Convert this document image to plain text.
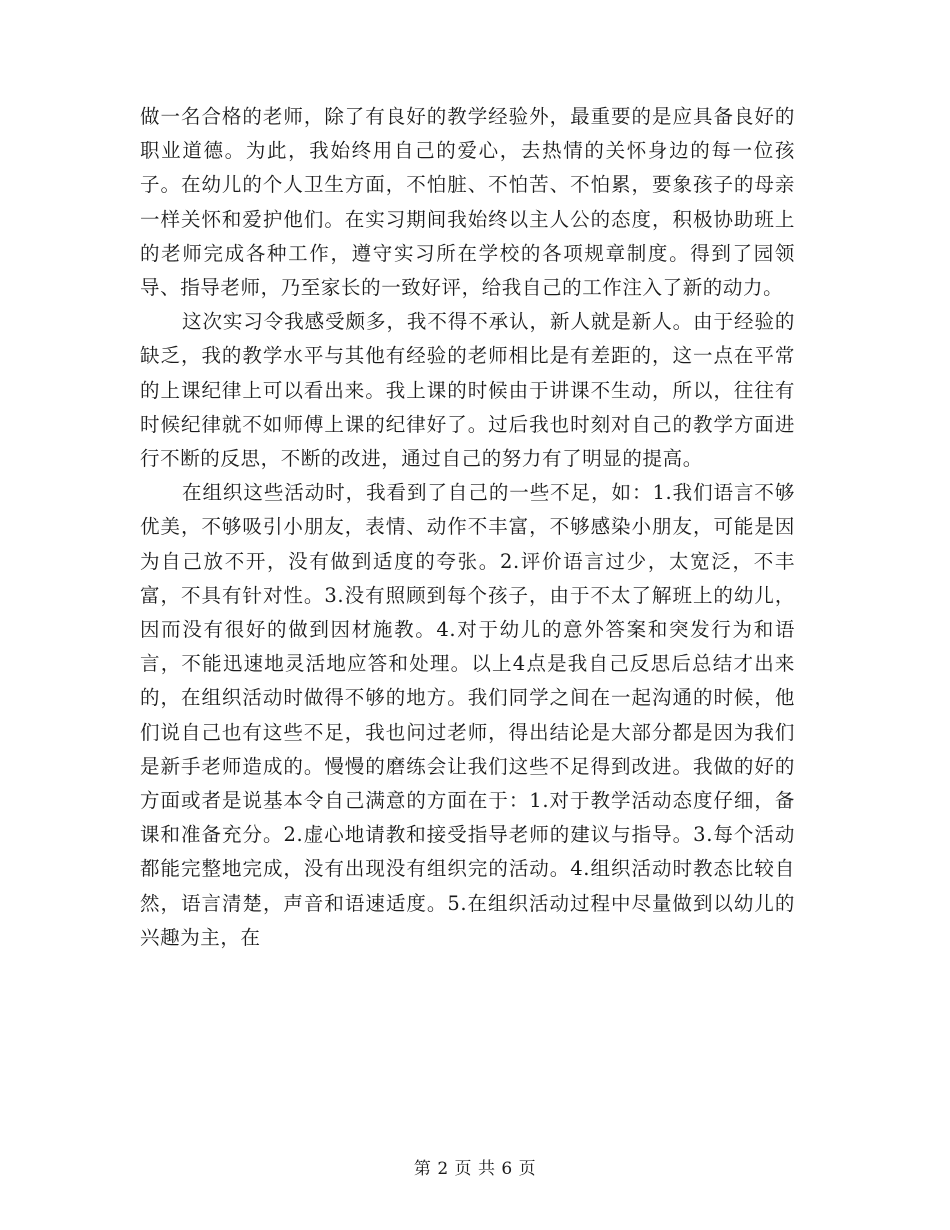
做一名合格的老师，除了有良好的教学经验外，最重要的是应具备良好的职业道德。为此，我始终用自己的爱心，去热情的关怀身边的每一位孩子。在幼儿的个人卫生方面，不怕脏、不怕苦、不怕累，要象孩子的母亲一样关怀和爱护他们。在实习期间我始终以主人公的态度，积极协助班上的老师完成各种工作，遵守实习所在学校的各项规章制度。得到了园领导、指导老师，乃至家长的一致好评，给我自己的工作注入了新的动力。

这次实习令我感受颇多，我不得不承认，新人就是新人。由于经验的缺乏，我的教学水平与其他有经验的老师相比是有差距的，这一点在平常的上课纪律上可以看出来。我上课的时候由于讲课不生动，所以，往往有时候纪律就不如师傅上课的纪律好了。过后我也时刻对自己的教学方面进行不断的反思，不断的改进，通过自己的努力有了明显的提高。

在组织这些活动时，我看到了自己的一些不足，如：1.我们语言不够优美，不够吸引小朋友，表情、动作不丰富，不够感染小朋友，可能是因为自己放不开，没有做到适度的夸张。2.评价语言过少，太宽泛，不丰富，不具有针对性。3.没有照顾到每个孩子，由于不太了解班上的幼儿，因而没有很好的做到因材施教。4.对于幼儿的意外答案和突发行为和语言，不能迅速地灵活地应答和处理。以上4点是我自己反思后总结才出来的，在组织活动时做得不够的地方。我们同学之间在一起沟通的时候，他们说自己也有这些不足，我也问过老师，得出结论是大部分都是因为我们是新手老师造成的。慢慢的磨练会让我们这些不足得到改进。我做的好的方面或者是说基本令自己满意的方面在于：1.对于教学活动态度仔细，备课和准备充分。2.虚心地请教和接受指导老师的建议与指导。3.每个活动都能完整地完成，没有出现没有组织完的活动。4.组织活动时教态比较自然，语言清楚，声音和语速适度。5.在组织活动过程中尽量做到以幼儿的兴趣为主，在

第 2 页 共 6 页
